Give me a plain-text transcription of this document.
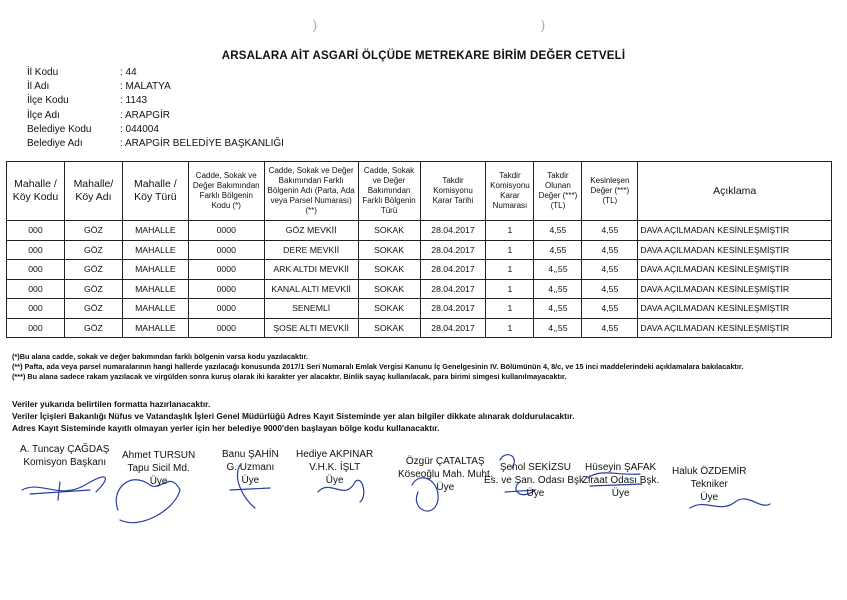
)	)
ARSALARA AİT ASGARİ ÖLÇÜDE METREKARE BİRİM DEĞER CETVELİ
İl Kodu	: 44
İl Adı	: MALATYA
İlçe Kodu	: 1143
İlçe Adı	: ARAPGİR
Belediye Kodu	: 044004
Belediye Adı	: ARAPGİR BELEDİYE BAŞKANLIĞI
Mahalle / Köy Kodu	Mahalle/ Köy Adı	Mahalle / Köy Türü	Cadde, Sokak ve Değer Bakımından Farklı Bölgenin Kodu (*)	Cadde, Sokak ve Değer Bakımından Farklı Bölgenin Adı (Parta, Ada veya Parsel Numarası)(**)	Cadde, Sokak ve Değer Bakımından Farklı Bölgenin Türü	Takdir Komisyonu Karar Tarihi	Takdir Komisyonu Karar Numarası	Takdir Olunan Değer (***) (TL)	Kesinleşen Değer (***) (TL)	Açıklama
000	GÖZ	MAHALLE	0000	GÖZ MEVKİİ	SOKAK	28.04.2017	1	4,55	4,55	DAVA AÇILMADAN KESİNLEŞMİŞTİR
000	GÖZ	MAHALLE	0000	DERE MEVKİİ	SOKAK	28.04.2017	1	4,55	4,55	DAVA AÇILMADAN KESİNLEŞMİŞTİR
000	GÖZ	MAHALLE	0000	ARK ALTDI MEVKİİ	SOKAK	28.04.2017	1	4,,55	4,55	DAVA AÇILMADAN KESİNLEŞMİŞTİR
000	GÖZ	MAHALLE	0000	KANAL ALTI MEVKİİ	SOKAK	28.04.2017	1	4,,55	4,55	DAVA AÇILMADAN KESİNLEŞMİŞTİR
000	GÖZ	MAHALLE	0000	SENEMLİ	SOKAK	28.04.2017	1	4,,55	4,55	DAVA AÇILMADAN KESİNLEŞMİŞTİR
000	GÖZ	MAHALLE	0000	ŞOSE ALTI MEVKİİ	SOKAK	28.04.2017	1	4,,55	4,55	DAVA AÇILMADAN KESİNLEŞMİŞTİR
(*)Bu alana cadde, sokak ve değer bakımından farklı bölgenin varsa kodu yazılacaktır.
(**) Pafta, ada veya parsel numaralarının hangi hallerde yazılacağı konusunda 2017/1 Seri Numaralı Emlak Vergisi Kanunu İç Genelgesinin IV. Bölümünün 4, 8/c, ve 15 inci maddelerindeki açıklamalara bakılacaktır.
(***) Bu alana sadece rakam yazılacak ve virgülden sonra kuruş olarak iki karakter yer alacaktır. Binlik sayaç kullanılacak, para birimi simgesi kullanılmayacaktır.
Veriler yukarıda belirtilen formatta hazırlanacaktır.
Veriler İçişleri Bakanlığı Nüfus ve Vatandaşlık İşleri Genel Müdürlüğü Adres Kayıt Sisteminde yer alan bilgiler dikkate alınarak doldurulacaktır.
Adres Kayıt Sisteminde kayıtlı olmayan yerler için her belediye 9000'den başlayan bölge kodu kullanacaktır.
A. Tuncay ÇAĞDAŞ
Komisyon Başkanı
Ahmet TURSUN
Tapu Sicil Md.
Üye
Banu ŞAHİN
G. Uzmanı
Üye
Hediye AKPINAR
V.H.K. İŞLT
Üye
Özgür ÇATALTAŞ
Köseoğlu Mah. Muht.
Üye
Şenol SEKİZSU
Es. ve San. Odası Bşk.
Üye
Hüseyin ŞAFAK
Ziraat Odası Bşk.
Üye
Haluk ÖZDEMİR
Tekniker
Üye
